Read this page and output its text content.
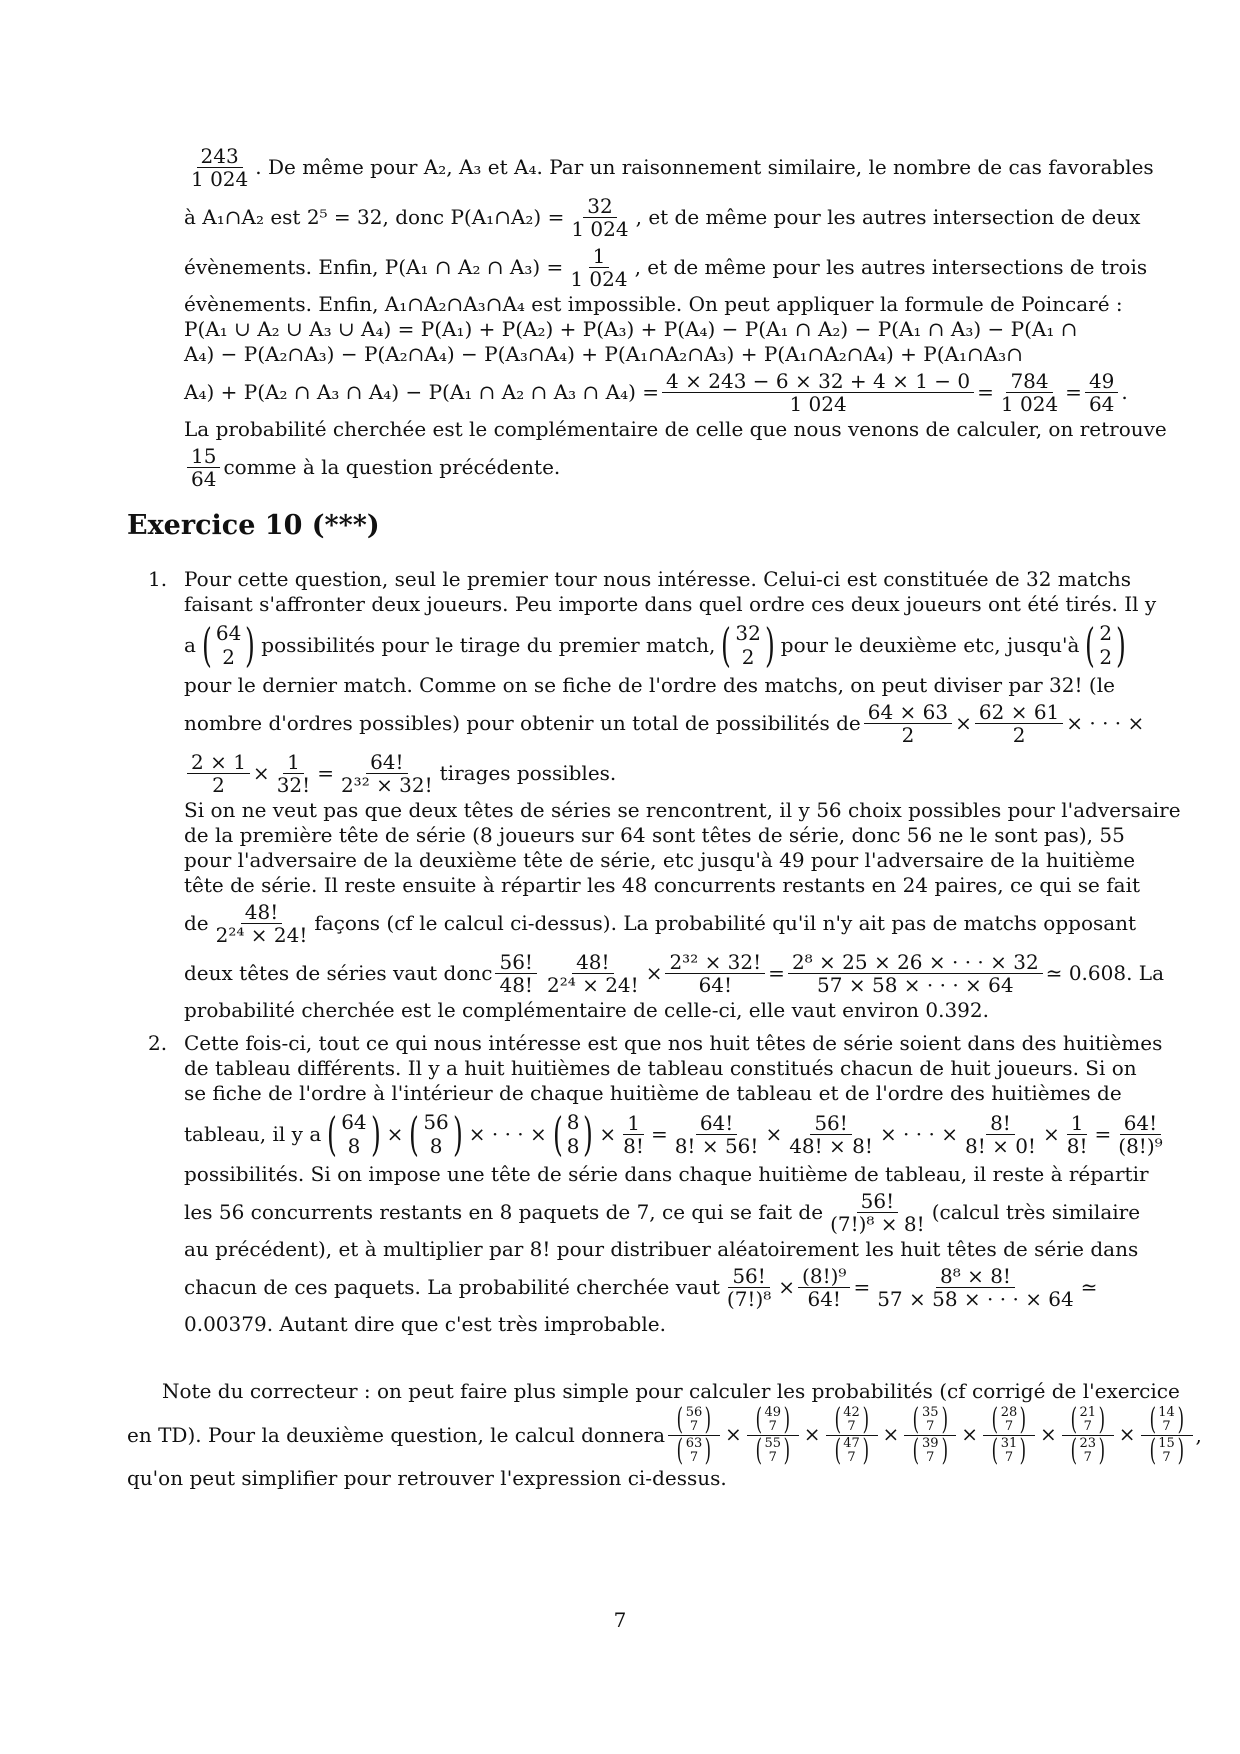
$\frac{243}{1 024}$ . De même pour A₂, A₃ et A₄. Par un raisonnement similaire, le nombre de cas favorables
à A₁∩A₂ est 2⁵ = 32, donc P(A₁∩A₂) = $\frac{32}{1 024}$ , et de même pour les autres intersection de deux
évènements. Enfin, P(A₁ ∩ A₂ ∩ $A_3) = \frac{1}{1 024}$ , et de même pour les autres intersections de trois
évènements. Enfin, A₁∩A₂∩A₃∩A₄ est impossible. On peut appliquer la formule de Poincaré :
P(A₁ ∪ A₂ ∪ A₃ ∪ A₄) = P(A₁) + P(A₂) + P(A₃) + P(A₄) − P(A₁ ∩ A₂) − P(A₁ ∩ A₃) − P(A₁ ∩
A₄) − P(A₂∩A₃) − P(A₂∩A₄) − P(A₃∩A₄) + P(A₁∩A₂∩A₃) + P(A₁∩A₂∩A₄) + P(A₁∩A₃∩
A₄) + P(A₂ ∩ A₃ ∩ A₄) − P(A₁ ∩ A₂ ∩ A₃ ∩ $A_4) = \frac{4 \times 243 - 6 \times 32 + 4 \times 1 - 0}{1 024} = \frac{784}{1 024} = \frac{49}{64}$ .
La probabilité cherchée est le complémentaire de celle que nous venons de calculer, on retrouve
$\frac{15}{64}$ comme à la question précédente.
Exercice 10 (***)
1. Pour cette question, seul le premier tour nous intéresse. Celui-ci est constituée de 32 matchs
faisant s'affronter deux joueurs. Peu importe dans quel ordre ces deux joueurs ont été tirés. Il y
a ( 64
2 ) possibilités pour le tirage du premier match, ( 32
2 ) pour le deuxième etc, jusqu'à ( 2
2 )
pour le dernier match. Comme on se fiche de l'ordre des matchs, on peut diviser par 32! (le
nombre d'ordres possibles) pour obtenir un total de possibilités de $\frac{64 \times 63}{2} \times \frac{62 \times 61}{2}$ × · · · ×
$\frac{2 \times 1}{2} \times \frac{1}{32!} = \frac{64!}{\text{2³² × 32!}}$ tirages possibles.
Si on ne veut pas que deux têtes de séries se rencontrent, il y 56 choix possibles pour l'adversaire
de la première tête de série (8 joueurs sur 64 sont têtes de série, donc 56 ne le sont pas), 55
pour l'adversaire de la deuxième tête de série, etc jusqu'à 49 pour l'adversaire de la huitième
tête de série. Il reste ensuite à répartir les 48 concurrents restants en 24 paires, ce qui se fait
de $\frac{48!}{\text{2²⁴ × 24!}}$ façons (cf le calcul ci-dessus). La probabilité qu'il n'y ait pas de matchs opposant
deux têtes de séries vaut donc $\frac{56!}{48!} \frac{48!}{\text{2²⁴ × 24!}} \times \frac{\text{2³² × 32!}}{64!} = \frac{\text{2⁸ × 25 × 26 × · · · × 32}}{57 \times 58 \times \cdot \cdot \cdot \times 64}$ ≃ 0.608. La
probabilité cherchée est le complémentaire de celle-ci, elle vaut environ 0.392.
2. Cette fois-ci, tout ce qui nous intéresse est que nos huit têtes de série soient dans des huitièmes
de tableau différents. Il y a huit huitièmes de tableau constitués chacun de huit joueurs. Si on
se fiche de l'ordre à l'intérieur de chaque huitième de tableau et de l'ordre des huitièmes de
tableau, il y a ( 64
8 ) × ( 56
8 ) × · · · × ( 8
8 ) × $\frac{1}{8!} = \frac{64!}{8! \times 56!} \times \frac{56!}{48! \times 8!}$ × · · · × $\frac{8!}{8! \times 0!} \times \frac{1}{8!} = \frac{64!}{\text{(8!)⁹}}$
possibilités. Si on impose une tête de série dans chaque huitième de tableau, il reste à répartir
les 56 concurrents restants en 8 paquets de 7, ce qui se fait de $\frac{56!}{\text{(7!)⁸ × 8!}}$ (calcul très similaire
au précédent), et à multiplier par 8! pour distribuer aléatoirement les huit têtes de série dans
chacun de ces paquets. La probabilité cherchée vaut $\frac{56!}{\text{(7!)⁸}} \times \frac{\text{(8!)⁹}}{64!} = \frac{\text{8⁸ × 8!}}{57 \times 58 \times \cdot \cdot \cdot \times 64}$ ≃
0.00379. Autant dire que c'est très improbable.
Note du correcteur : on peut faire plus simple pour calculer les probabilités (cf corrigé de l'exercice
en TD). Pour la deuxième question, le calcul donnera ( 56
7 )
( 63
7 ) × ( 49
7 )
( 55
7 ) × ( 42
7 )
( 47
7 ) × ( 35
7 )
( 39
7 ) × ( 28
7 )
( 31
7 ) × ( 21
7 )
( 23
7 ) × ( 14
7 )
( 15
7 ) ,
qu'on peut simplifier pour retrouver l'expression ci-dessus.
7
